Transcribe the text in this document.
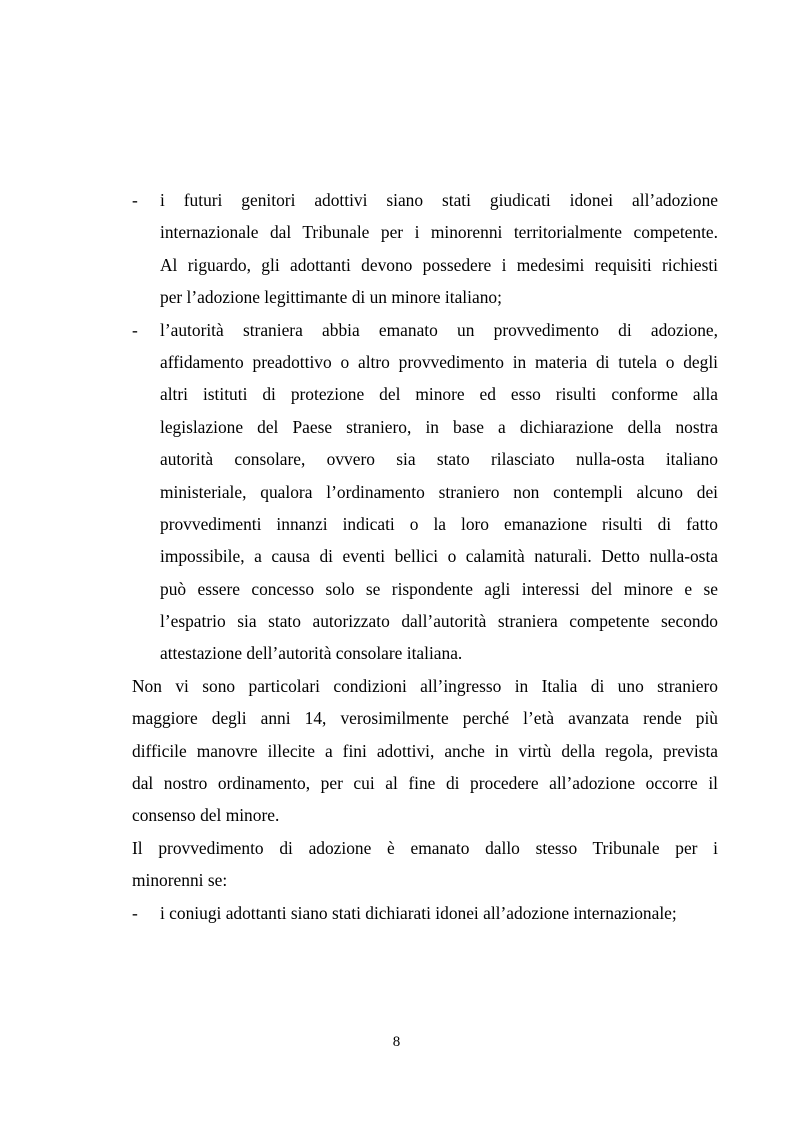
-	i futuri genitori adottivi siano stati giudicati idonei all’adozione
internazionale dal Tribunale per i minorenni territorialmente competente.
Al riguardo, gli adottanti devono possedere i medesimi requisiti richiesti
per l’adozione legittimante di un minore italiano;
-	l’autorità straniera abbia emanato un provvedimento di adozione,
affidamento preadottivo o altro provvedimento in materia di tutela o degli
altri istituti di protezione del minore ed esso risulti conforme alla
legislazione del Paese straniero, in base a dichiarazione della nostra
autorità consolare, ovvero sia stato rilasciato nulla-osta italiano
ministeriale, qualora l’ordinamento straniero non contempli alcuno dei
provvedimenti innanzi indicati o la loro emanazione risulti di fatto
impossibile, a causa di eventi bellici o calamità naturali. Detto nulla-osta
può essere concesso solo se rispondente agli interessi del minore e se
l’espatrio sia stato autorizzato dall’autorità straniera competente secondo
attestazione dell’autorità consolare italiana.
Non vi sono particolari condizioni all’ingresso in Italia di uno straniero
maggiore degli anni 14, verosimilmente perché l’età avanzata rende più
difficile manovre illecite a fini adottivi, anche in virtù della regola, prevista
dal nostro ordinamento, per cui al fine di procedere all’adozione occorre il
consenso del minore.
Il provvedimento di adozione è emanato dallo stesso Tribunale per i
minorenni se:
-	i coniugi adottanti siano stati dichiarati idonei all’adozione internazionale;
8
